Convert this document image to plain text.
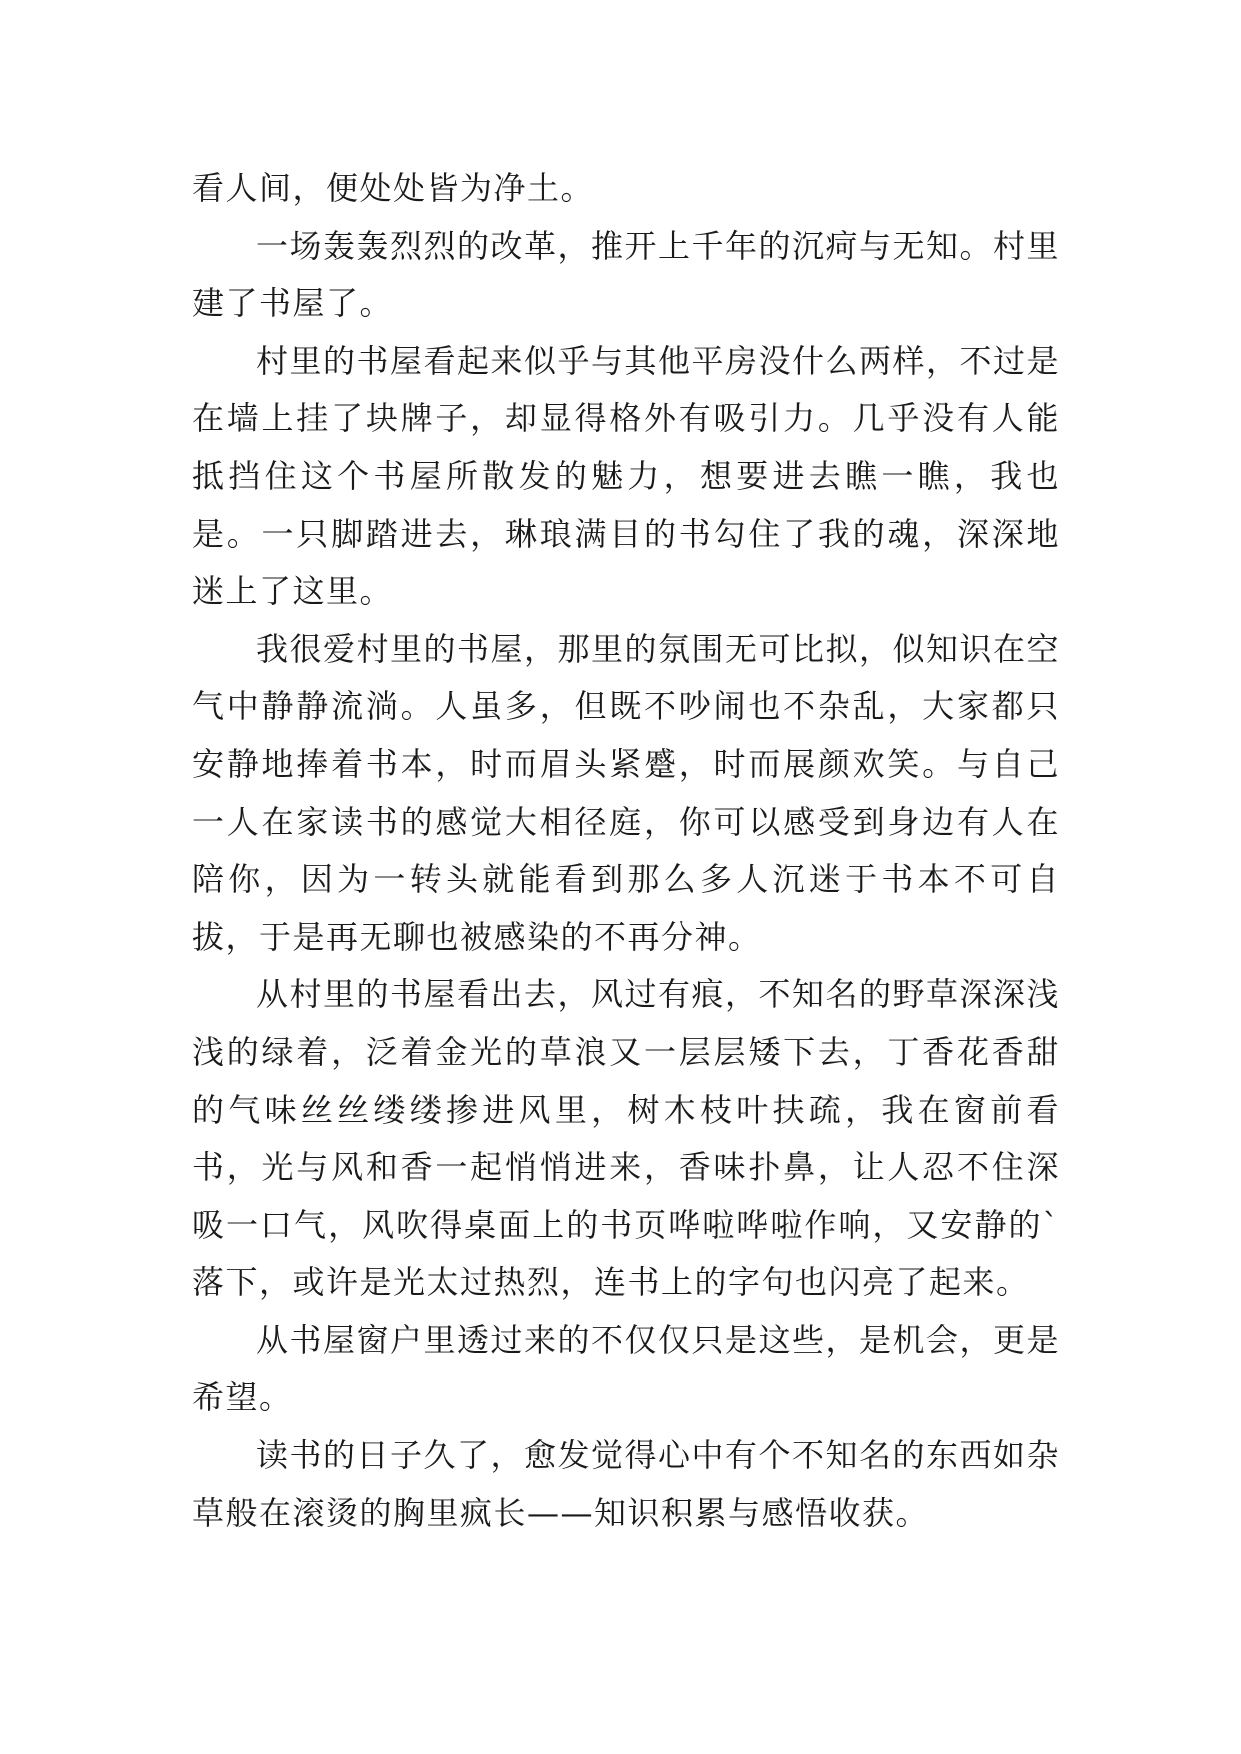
看人间，便处处皆为净土。

一场轰轰烈烈的改革，推开上千年的沉疴与无知。村里建了书屋了。

村里的书屋看起来似乎与其他平房没什么两样，不过是在墙上挂了块牌子，却显得格外有吸引力。几乎没有人能抵挡住这个书屋所散发的魅力，想要进去瞧一瞧，我也是。一只脚踏进去，琳琅满目的书勾住了我的魂，深深地迷上了这里。

我很爱村里的书屋，那里的氛围无可比拟，似知识在空气中静静流淌。人虽多，但既不吵闹也不杂乱，大家都只安静地捧着书本，时而眉头紧蹙，时而展颜欢笑。与自己一人在家读书的感觉大相径庭，你可以感受到身边有人在陪你，因为一转头就能看到那么多人沉迷于书本不可自拔，于是再无聊也被感染的不再分神。

从村里的书屋看出去，风过有痕，不知名的野草深深浅浅的绿着，泛着金光的草浪又一层层矮下去，丁香花香甜的气味丝丝缕缕掺进风里，树木枝叶扶疏，我在窗前看书，光与风和香一起悄悄进来，香味扑鼻，让人忍不住深吸一口气，风吹得桌面上的书页哗啦哗啦作响，又安静的`落下，或许是光太过热烈，连书上的字句也闪亮了起来。

从书屋窗户里透过来的不仅仅只是这些，是机会，更是希望。

读书的日子久了，愈发觉得心中有个不知名的东西如杂草般在滚烫的胸里疯长——知识积累与感悟收获。
